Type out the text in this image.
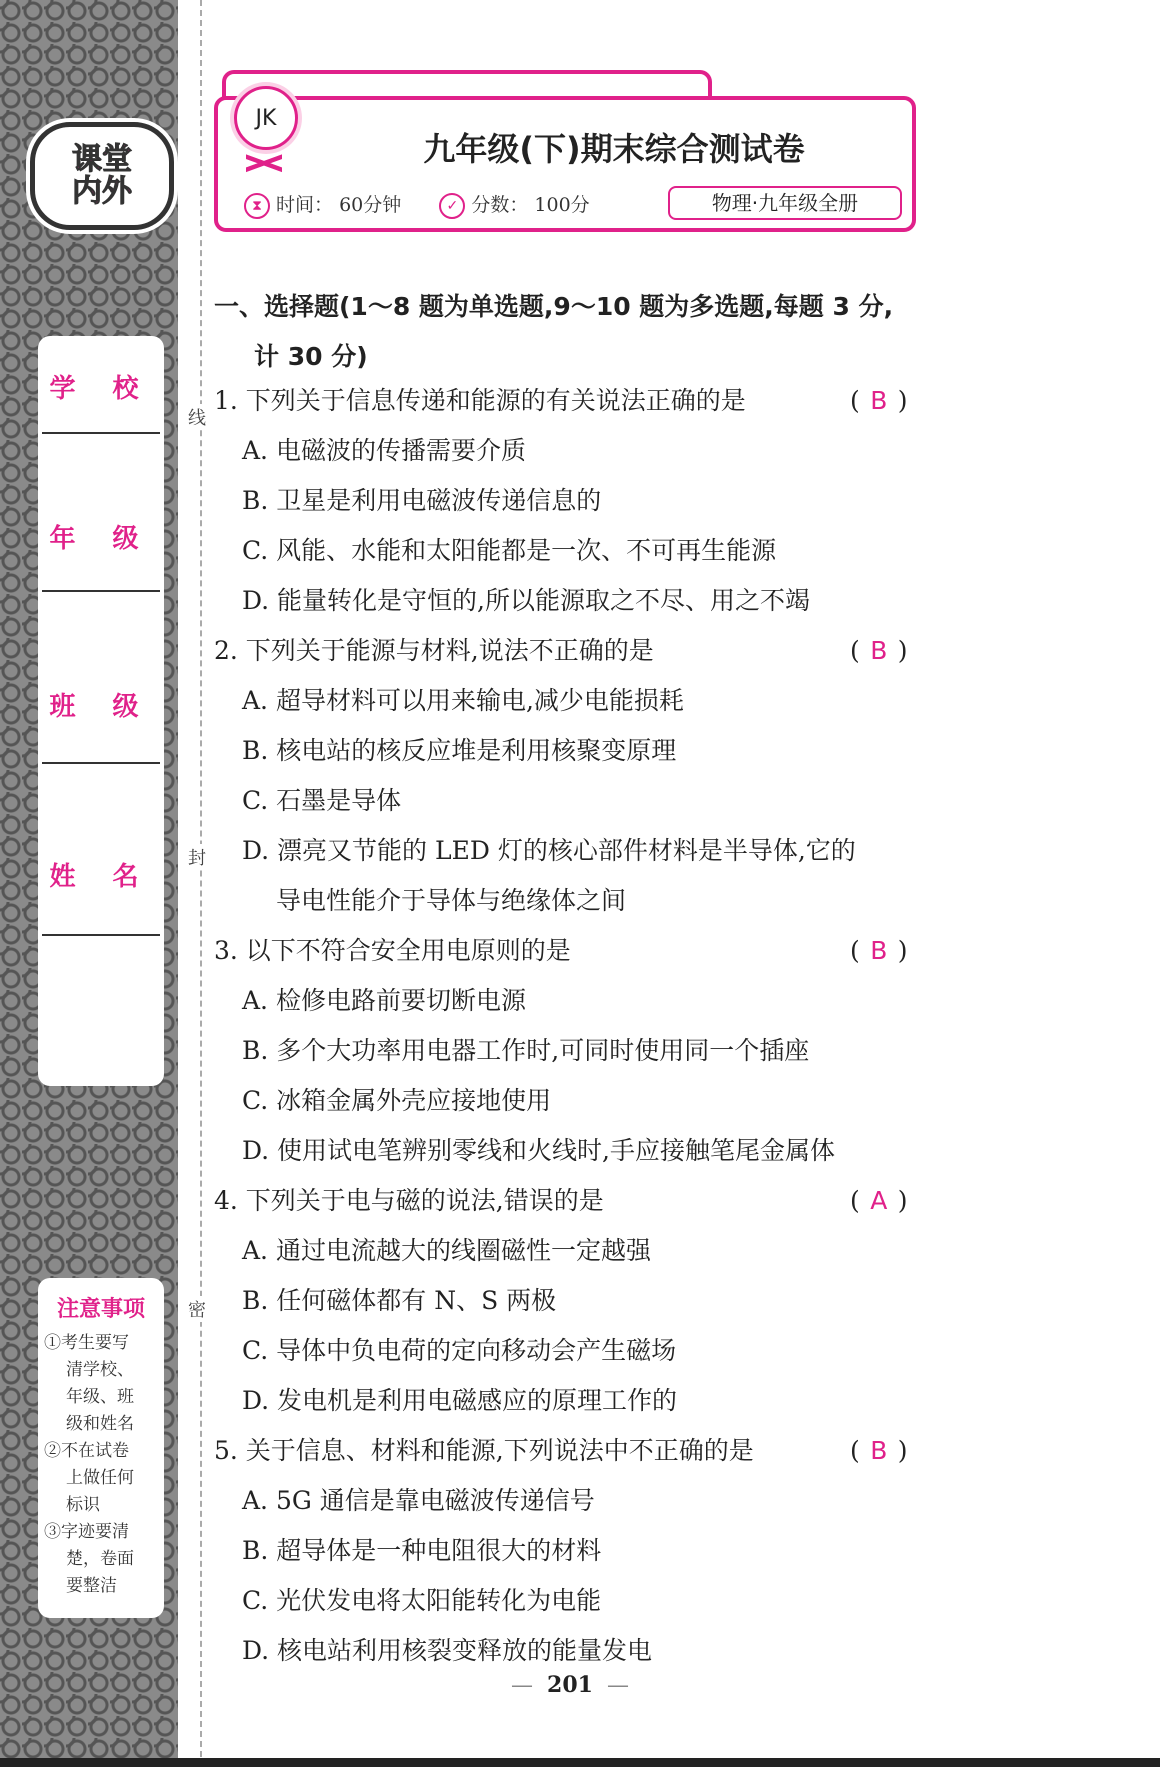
课堂
内外
学 校
年 级
班 级
姓 名
注意事项
①考生要写
清学校、
年级、班
级和姓名
②不在试卷
上做任何
标识
③字迹要清
楚，卷面
要整洁
线
封
密
JK
九年级(下)期末综合测试卷
⧗ 时间： 60分钟	✓ 分数： 100分	物理·九年级全册
一、选择题(1～8 题为单选题,9～10 题为多选题,每题 3 分,
计 30 分)
1. 下列关于信息传递和能源的有关说法正确的是	( B )
A. 电磁波的传播需要介质
B. 卫星是利用电磁波传递信息的
C. 风能、水能和太阳能都是一次、不可再生能源
D. 能量转化是守恒的,所以能源取之不尽、用之不竭
2. 下列关于能源与材料,说法不正确的是	( B )
A. 超导材料可以用来输电,减少电能损耗
B. 核电站的核反应堆是利用核聚变原理
C. 石墨是导体
D. 漂亮又节能的 LED 灯的核心部件材料是半导体,它的
导电性能介于导体与绝缘体之间
3. 以下不符合安全用电原则的是	( B )
A. 检修电路前要切断电源
B. 多个大功率用电器工作时,可同时使用同一个插座
C. 冰箱金属外壳应接地使用
D. 使用试电笔辨别零线和火线时,手应接触笔尾金属体
4. 下列关于电与磁的说法,错误的是	( A )
A. 通过电流越大的线圈磁性一定越强
B. 任何磁体都有 N、S 两极
C. 导体中负电荷的定向移动会产生磁场
D. 发电机是利用电磁感应的原理工作的
5. 关于信息、材料和能源,下列说法中不正确的是	( B )
A. 5G 通信是靠电磁波传递信号
B. 超导体是一种电阻很大的材料
C. 光伏发电将太阳能转化为电能
D. 核电站利用核裂变释放的能量发电
—  201  —
